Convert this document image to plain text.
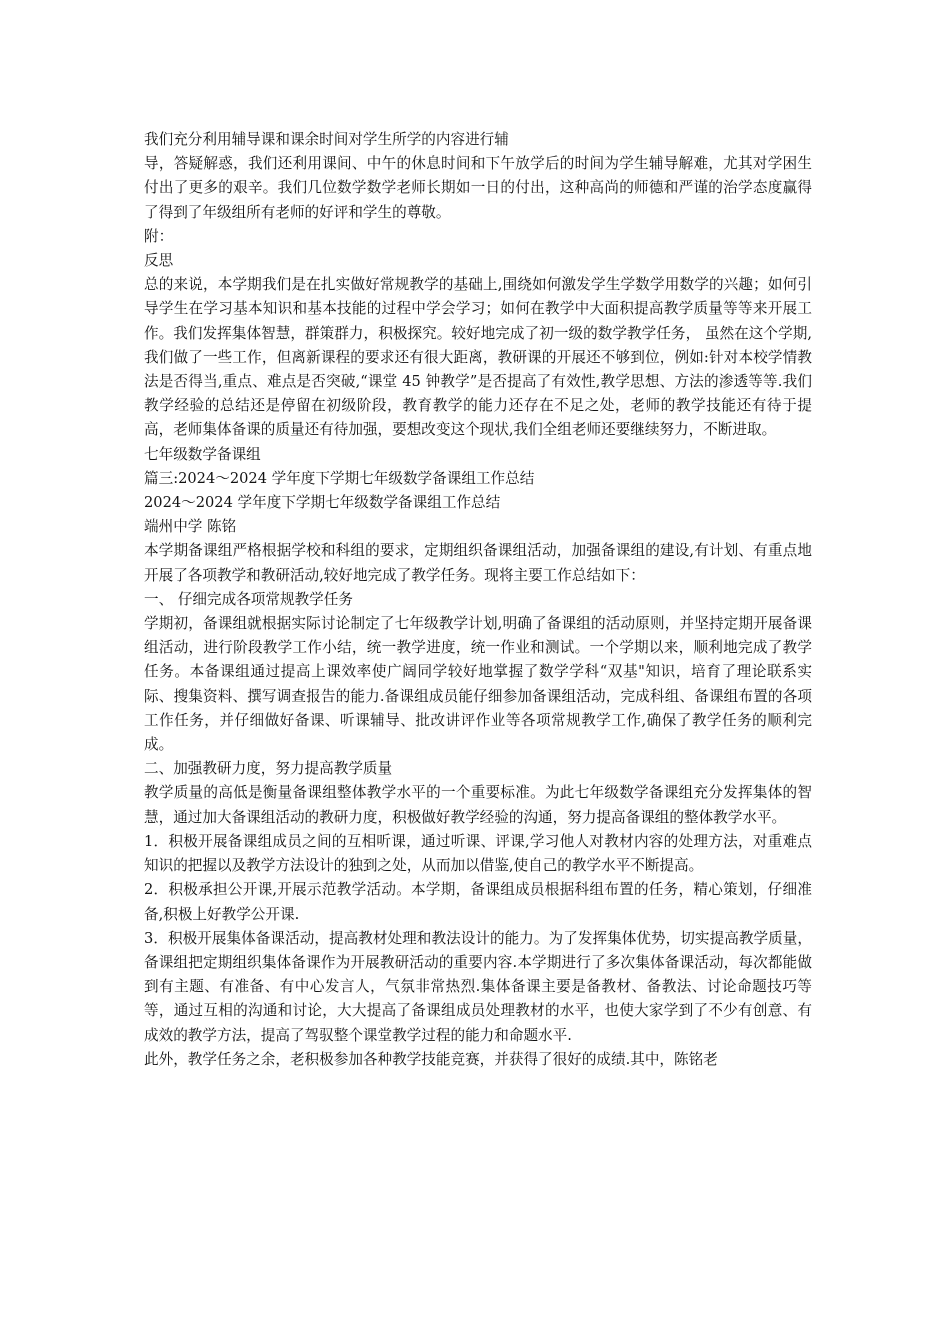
我们充分利用辅导课和课余时间对学生所学的内容进行辅

导，答疑解惑，我们还利用课间、中午的休息时间和下午放学后的时间为学生辅导解难，尤其对学困生付出了更多的艰辛。我们几位数学数学老师长期如一日的付出，这种高尚的师德和严谨的治学态度赢得了得到了年级组所有老师的好评和学生的尊敬。

附：

反思

总的来说，本学期我们是在扎实做好常规教学的基础上,围绕如何激发学生学数学用数学的兴趣；如何引导学生在学习基本知识和基本技能的过程中学会学习；如何在教学中大面积提高教学质量等等来开展工作。我们发挥集体智慧，群策群力，积极探究。较好地完成了初一级的数学教学任务， 虽然在这个学期,我们做了一些工作，但离新课程的要求还有很大距离，教研课的开展还不够到位，例如:针对本校学情教法是否得当,重点、难点是否突破,“课堂 45 钟教学”是否提高了有效性,教学思想、方法的渗透等等.我们教学经验的总结还是停留在初级阶段，教育教学的能力还存在不足之处，老师的教学技能还有待于提高，老师集体备课的质量还有待加强，要想改变这个现状,我们全组老师还要继续努力，不断进取。

七年级数学备课组

篇三:2024～2024 学年度下学期七年级数学备课组工作总结

2024～2024 学年度下学期七年级数学备课组工作总结

端州中学 陈铭

本学期备课组严格根据学校和科组的要求，定期组织备课组活动，加强备课组的建设,有计划、有重点地开展了各项教学和教研活动,较好地完成了教学任务。现将主要工作总结如下：

一、 仔细完成各项常规教学任务

学期初，备课组就根据实际讨论制定了七年级教学计划,明确了备课组的活动原则，并坚持定期开展备课组活动，进行阶段教学工作小结，统一教学进度，统一作业和测试。一个学期以来，顺利地完成了教学任务。本备课组通过提高上课效率使广阔同学较好地掌握了数学学科“双基"知识，培育了理论联系实际、搜集资料、撰写调查报告的能力.备课组成员能仔细参加备课组活动，完成科组、备课组布置的各项工作任务，并仔细做好备课、听课辅导、批改讲评作业等各项常规教学工作,确保了教学任务的顺利完成。

二、加强教研力度，努力提高教学质量

教学质量的高低是衡量备课组整体教学水平的一个重要标准。为此七年级数学备课组充分发挥集体的智慧，通过加大备课组活动的教研力度，积极做好教学经验的沟通，努力提高备课组的整体教学水平。

1．积极开展备课组成员之间的互相听课，通过听课、评课,学习他人对教材内容的处理方法，对重难点知识的把握以及教学方法设计的独到之处，从而加以借鉴,使自己的教学水平不断提高。

2．积极承担公开课,开展示范教学活动。本学期，备课组成员根据科组布置的任务，精心策划，仔细准备,积极上好教学公开课.

3．积极开展集体备课活动，提高教材处理和教法设计的能力。为了发挥集体优势，切实提高教学质量，备课组把定期组织集体备课作为开展教研活动的重要内容.本学期进行了多次集体备课活动，每次都能做到有主题、有准备、有中心发言人，气氛非常热烈.集体备课主要是备教材、备教法、讨论命题技巧等等，通过互相的沟通和讨论，大大提高了备课组成员处理教材的水平，也使大家学到了不少有创意、有成效的教学方法，提高了驾驭整个课堂教学过程的能力和命题水平.

此外，教学任务之余，老积极参加各种教学技能竞赛，并获得了很好的成绩.其中，陈铭老
